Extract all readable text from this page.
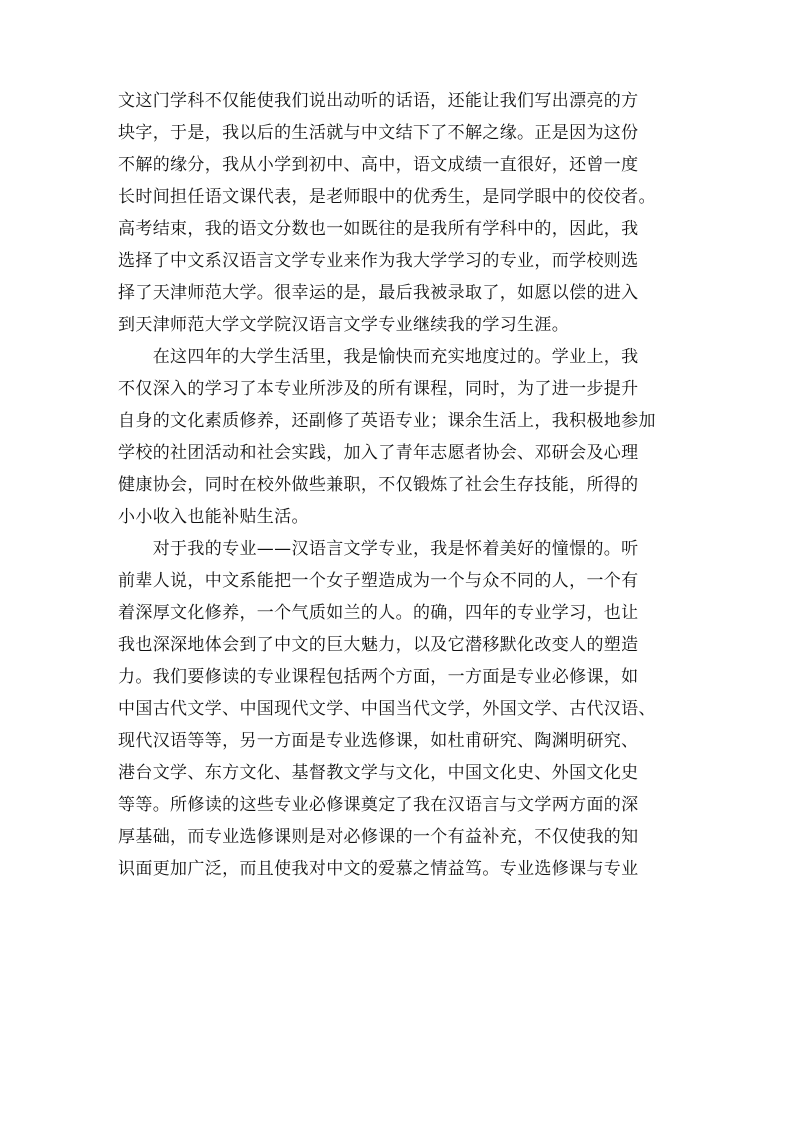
文这门学科不仅能使我们说出动听的话语，还能让我们写出漂亮的方
块字，于是，我以后的生活就与中文结下了不解之缘。正是因为这份
不解的缘分，我从小学到初中、高中，语文成绩一直很好，还曾一度
长时间担任语文课代表，是老师眼中的优秀生，是同学眼中的佼佼者。
高考结束，我的语文分数也一如既往的是我所有学科中的，因此，我
选择了中文系汉语言文学专业来作为我大学学习的专业，而学校则选
择了天津师范大学。很幸运的是，最后我被录取了，如愿以偿的进入
到天津师范大学文学院汉语言文学专业继续我的学习生涯。
　　在这四年的大学生活里，我是愉快而充实地度过的。学业上，我
不仅深入的学习了本专业所涉及的所有课程，同时，为了进一步提升
自身的文化素质修养，还副修了英语专业；课余生活上，我积极地参加
学校的社团活动和社会实践，加入了青年志愿者协会、邓研会及心理
健康协会，同时在校外做些兼职，不仅锻炼了社会生存技能，所得的
小小收入也能补贴生活。
　　对于我的专业——汉语言文学专业，我是怀着美好的憧憬的。听
前辈人说，中文系能把一个女子塑造成为一个与众不同的人，一个有
着深厚文化修养，一个气质如兰的人。的确，四年的专业学习，也让
我也深深地体会到了中文的巨大魅力，以及它潜移默化改变人的塑造
力。我们要修读的专业课程包括两个方面，一方面是专业必修课，如
中国古代文学、中国现代文学、中国当代文学，外国文学、古代汉语、
现代汉语等等，另一方面是专业选修课，如杜甫研究、陶渊明研究、
港台文学、东方文化、基督教文学与文化，中国文化史、外国文化史
等等。所修读的这些专业必修课奠定了我在汉语言与文学两方面的深
厚基础，而专业选修课则是对必修课的一个有益补充，不仅使我的知
识面更加广泛，而且使我对中文的爱慕之情益笃。专业选修课与专业
